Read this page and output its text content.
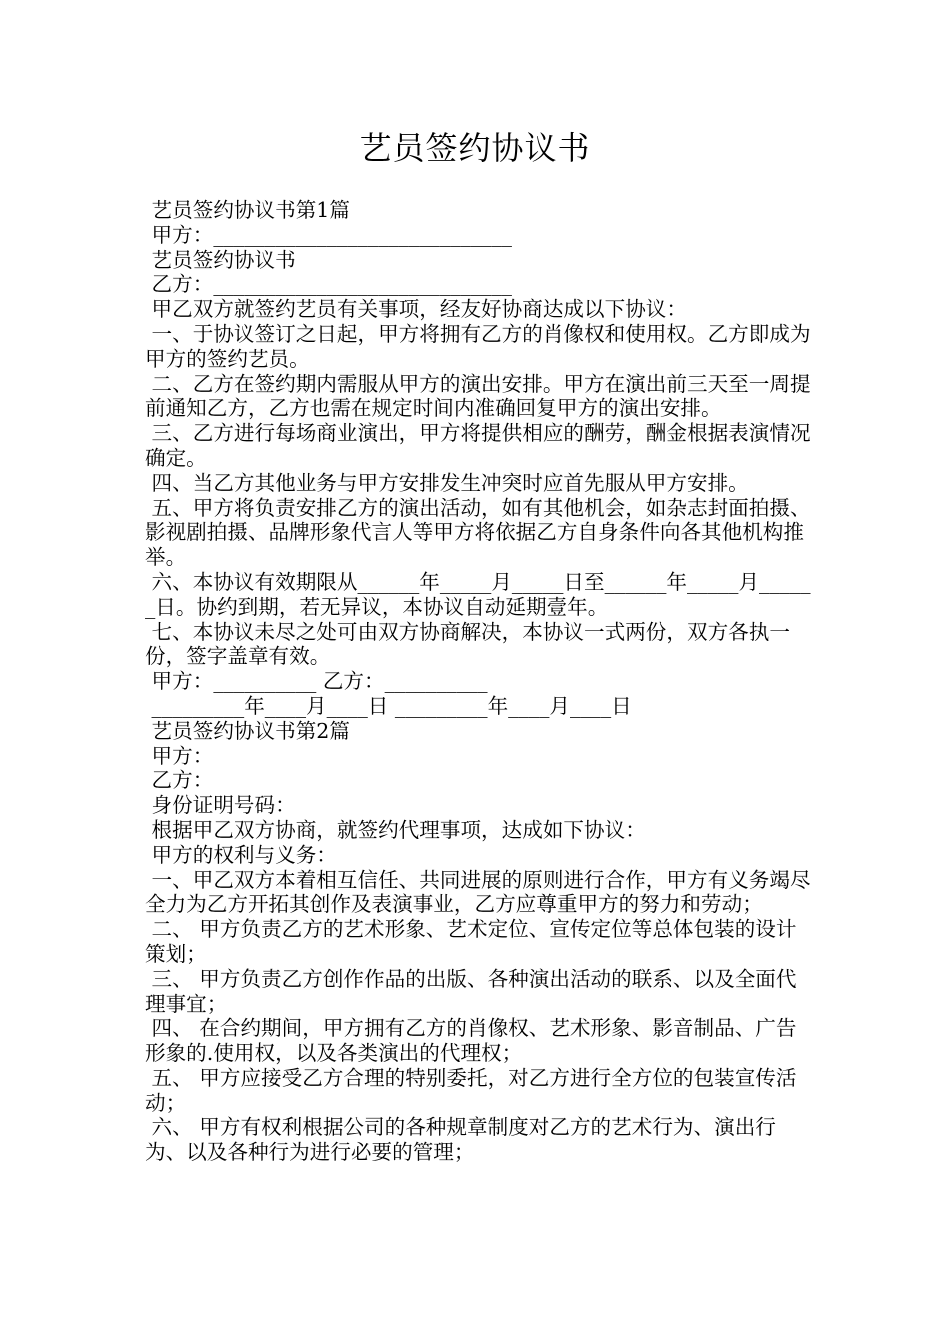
艺员签约协议书

艺员签约协议书第1篇

甲方：_____________________________

艺员签约协议书

乙方：_____________________________

甲乙双方就签约艺员有关事项，经友好协商达成以下协议：

一、于协议签订之日起，甲方将拥有乙方的肖像权和使用权。乙方即成为甲方的签约艺员。

二、乙方在签约期内需服从甲方的演出安排。甲方在演出前三天至一周提前通知乙方，乙方也需在规定时间内准确回复甲方的演出安排。

三、乙方进行每场商业演出，甲方将提供相应的酬劳，酬金根据表演情况确定。

四、当乙方其他业务与甲方安排发生冲突时应首先服从甲方安排。

五、甲方将负责安排乙方的演出活动，如有其他机会，如杂志封面拍摄、影视剧拍摄、品牌形象代言人等甲方将依据乙方自身条件向各其他机构推举。

六、本协议有效期限从______年_____月_____日至______年_____月______日。协约到期，若无异议，本协议自动延期壹年。

七、本协议未尽之处可由双方协商解决，本协议一式两份，双方各执一份，签字盖章有效。

甲方：__________ 乙方：__________

_________年____月____日 _________年____月____日

艺员签约协议书第2篇

甲方：

乙方：

身份证明号码：

根据甲乙双方协商，就签约代理事项，达成如下协议：

甲方的权利与义务：

一、甲乙双方本着相互信任、共同进展的原则进行合作，甲方有义务竭尽全力为乙方开拓其创作及表演事业，乙方应尊重甲方的努力和劳动；

二、 甲方负责乙方的艺术形象、艺术定位、宣传定位等总体包装的设计策划；

三、 甲方负责乙方创作作品的出版、各种演出活动的联系、以及全面代理事宜；

四、 在合约期间，甲方拥有乙方的肖像权、艺术形象、影音制品、广告形象的.使用权，以及各类演出的代理权；

五、 甲方应接受乙方合理的特别委托，对乙方进行全方位的包装宣传活动；

六、 甲方有权利根据公司的各种规章制度对乙方的艺术行为、演出行为、以及各种行为进行必要的管理；
